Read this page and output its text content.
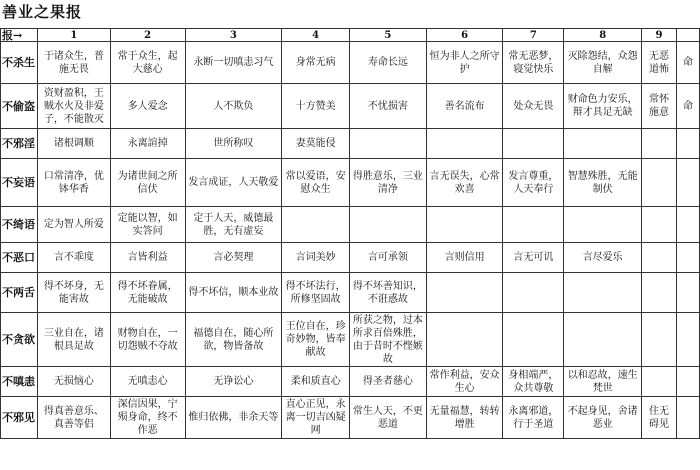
善业之果报
报→	1	2	3	4	5	6	7	8	9	
不杀生	于诸众生，普施无畏	常于众生，起大慈心	永断一切嗔恚习气	身常无病	寿命长远	恒为非人之所守护	常无恶梦，寝觉快乐	灭除怨结，众怨自解	无恶道怖	命
不偷盗	资财盈积，王贼水火及非爱子，不能散灭	多人爱念	人不欺负	十方赞美	不忧损害	善名流布	处众无畏	财命色力安乐，辩才具足无缺	常怀施意	命
不邪淫	诸根调顺	永离諠掉	世所称叹	妻莫能侵						
不妄语	口常清净，优钵华香	为诸世间之所信伏	发言成证，人天敬爱	常以爱语，安慰众生	得胜意乐，三业清净	言无误失，心常欢喜	发言尊重，人天奉行	智慧殊胜，无能制伏		
不绮语	定为智人所爱	定能以智，如实答问	定于人天，威德最胜，无有虚妄							
不恶口	言不乖度	言皆利益	言必契理	言词美妙	言可承领	言则信用	言无可讥	言尽爱乐		
不两舌	得不坏身，无能害故	得不坏眷属，无能破故	得不坏信，顺本业故	得不坏法行，所修坚固故	得不坏善知识，不诳惑故					
不贪欲	三业自在，诸根具足故	财物自在，一切怨贼不夺故	福德自在，随心所欲，物皆备故	王位自在，珍奇妙物，皆奉献故	所获之物，过本所求百倍殊胜，由于昔时不悭嫉故					
不嗔恚	无损恼心	无嗔恚心	无诤讼心	柔和质直心	得圣者慈心	常作利益，安众生心	身相端严，众共尊敬	以和忍故，速生梵世		
不邪见	得真善意乐、真善等侣	深信因果，宁殒身命，终不作恶	惟归依佛，非余天等	直心正见，永离一切吉凶疑网	常生人天，不更恶道	无量福慧，转转增胜	永离邪道，行于圣道	不起身见，舍诸恶业	住无碍见	
